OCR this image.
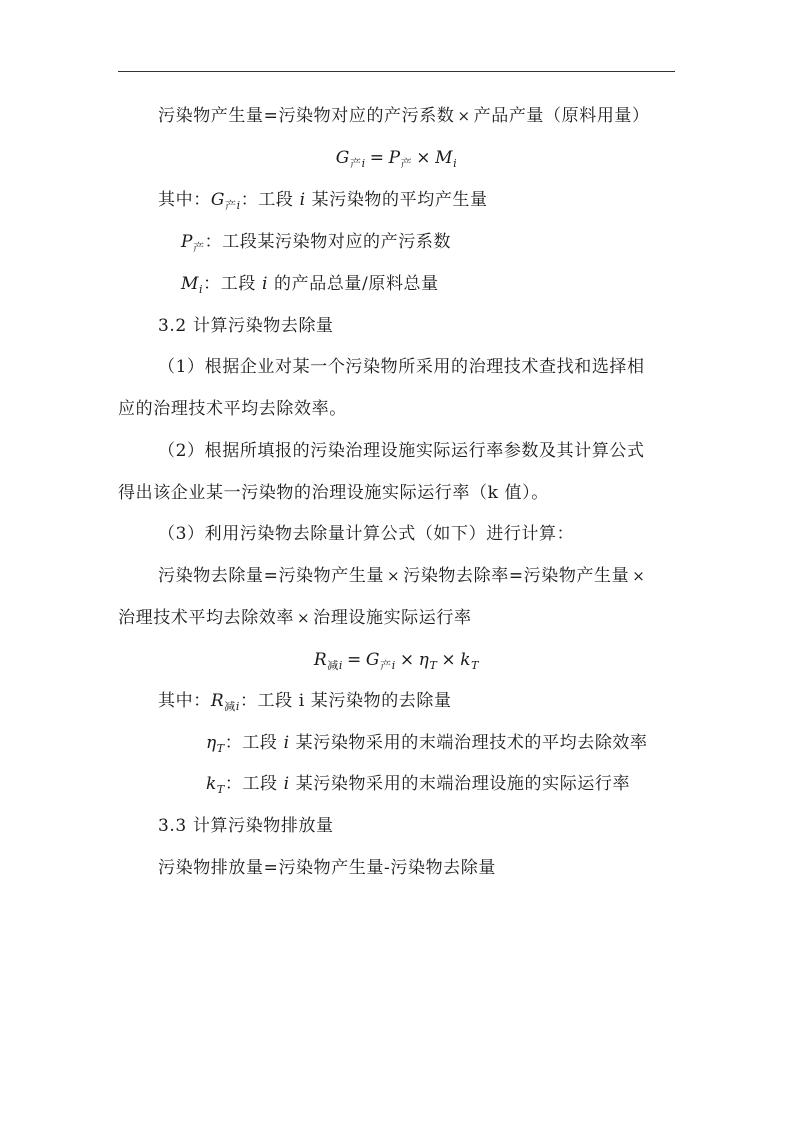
污染物产生量=污染物对应的产污系数 × 产品产量（原料用量）
$G_{产i} = P_产 \times M_i$
其中：$G_{产i}$：工段 i 某污染物的平均产生量
$P_产$：工段某污染物对应的产污系数
$M_i$：工段 i 的产品总量/原料总量
3.2 计算污染物去除量
（1）根据企业对某一个污染物所采用的治理技术查找和选择相
应的治理技术平均去除效率。
（2）根据所填报的污染治理设施实际运行率参数及其计算公式
得出该企业某一污染物的治理设施实际运行率（k 值）。
（3）利用污染物去除量计算公式（如下）进行计算：
污染物去除量=污染物产生量 × 污染物去除率=污染物产生量 ×
治理技术平均去除效率 × 治理设施实际运行率
$R_{减i} = G_{产i} \times \eta_T \times k_T$
其中：$R_{减i}$：工段 i 某污染物的去除量
$\eta_T$：工段 i 某污染物采用的末端治理技术的平均去除效率
$k_T$：工段 i 某污染物采用的末端治理设施的实际运行率
3.3 计算污染物排放量
污染物排放量=污染物产生量-污染物去除量
